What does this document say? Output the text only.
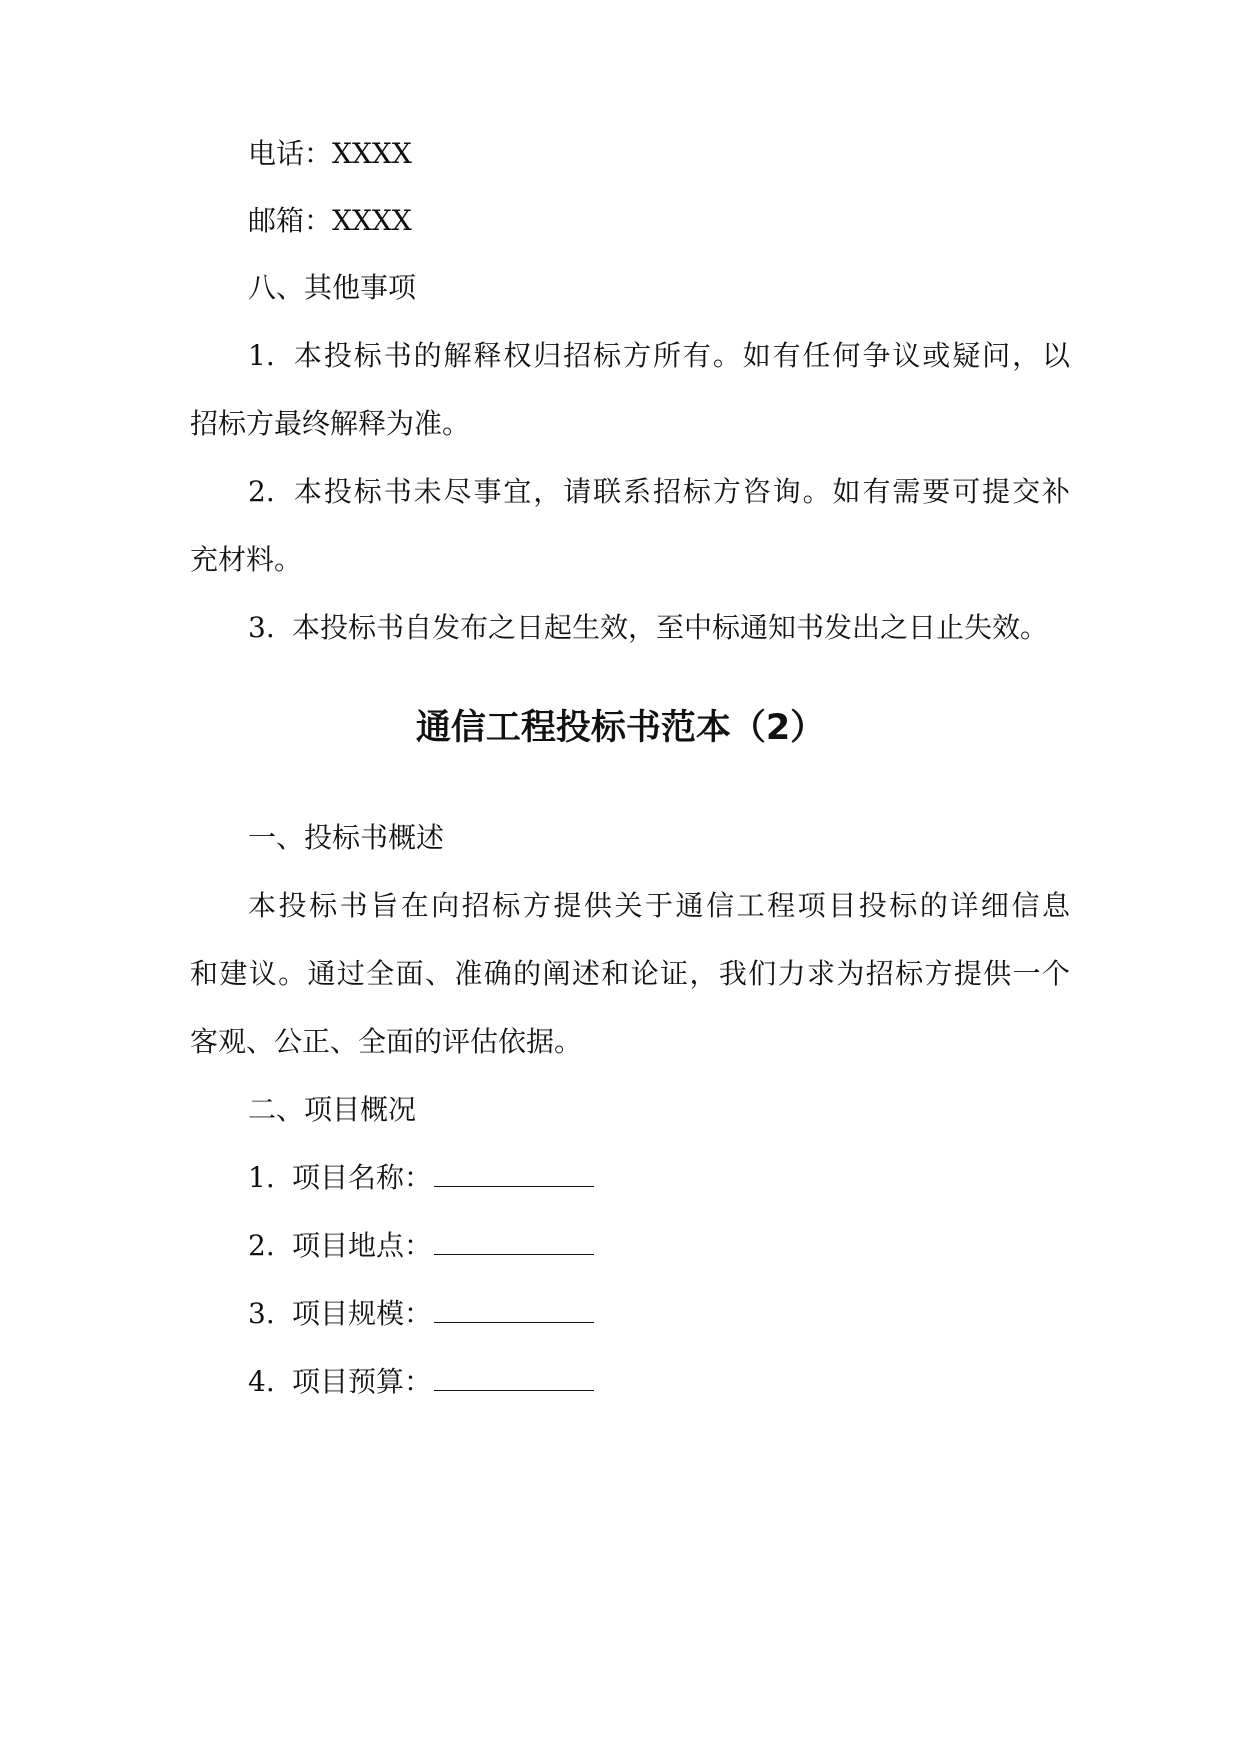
电话：XXXX
邮箱：XXXX
八、其他事项
1. 本投标书的解释权归招标方所有。如有任何争议或疑问，以
招标方最终解释为准。
2. 本投标书未尽事宜，请联系招标方咨询。如有需要可提交补
充材料。
3. 本投标书自发布之日起生效，至中标通知书发出之日止失效。
通信工程投标书范本（2）
一、投标书概述
本投标书旨在向招标方提供关于通信工程项目投标的详细信息
和建议。通过全面、准确的阐述和论证，我们力求为招标方提供一个
客观、公正、全面的评估依据。
二、项目概况
1. 项目名称：
2. 项目地点：
3. 项目规模：
4. 项目预算：
